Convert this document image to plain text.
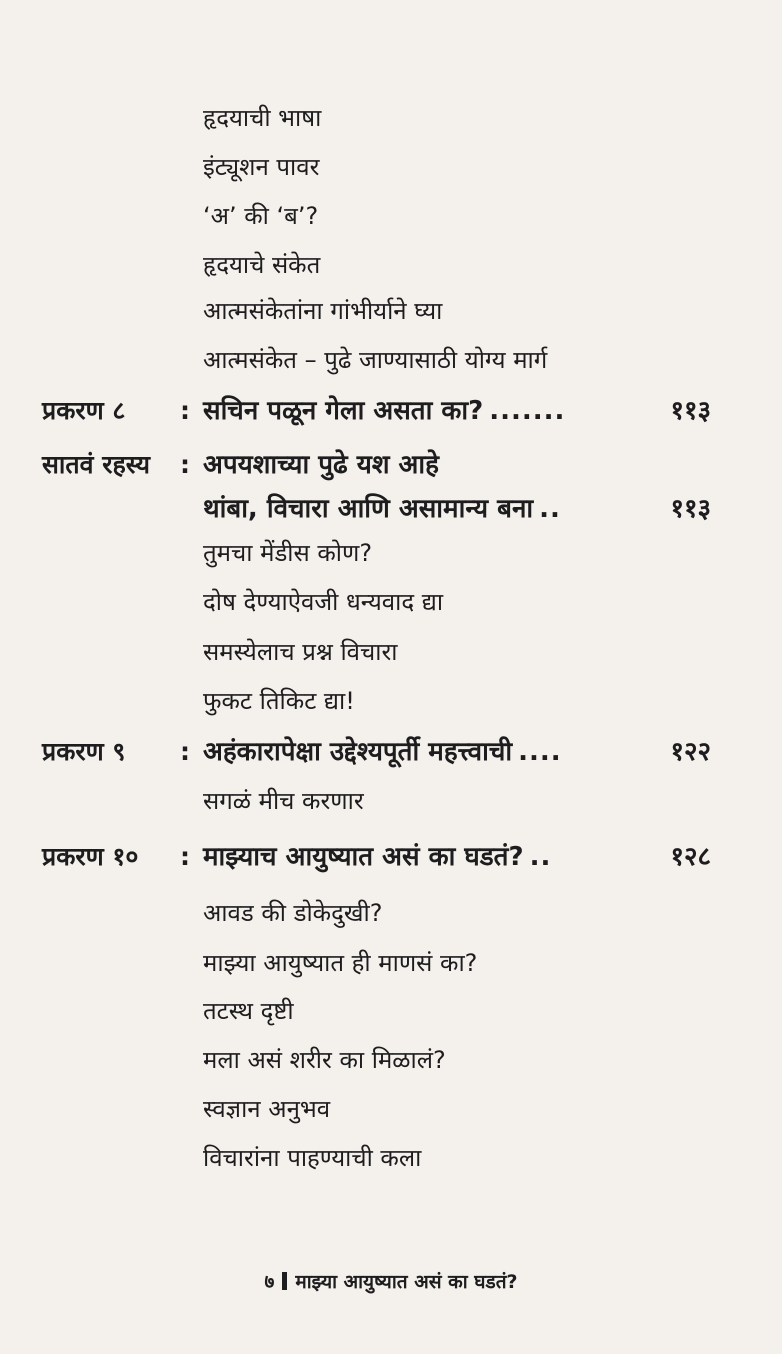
हृदयाची भाषा
इंट्यूशन पावर
‘अ’ की ‘ब’?
हृदयाचे संकेत
आत्मसंकेतांना गांभीर्याने घ्या
आत्मसंकेत – पुढे जाण्यासाठी योग्य मार्ग
प्रकरण ८ : सचिन पळून गेला असता का? .......	११३
सातवं रहस्य : अपयशाच्या पुढे यश आहे
थांबा, विचारा आणि असामान्य बना ..	११३
तुमचा मेंडीस कोण?
दोष देण्याऐवजी धन्यवाद द्या
समस्येलाच प्रश्न विचारा
फुकट तिकिट द्या!
प्रकरण ९ : अहंकारापेक्षा उद्देश्यपूर्ती महत्त्वाची ....	१२२
सगळं मीच करणार
प्रकरण १० : माझ्याच आयुष्यात असं का घडतं? ..	१२८
आवड की डोकेदुखी?
माझ्या आयुष्यात ही माणसं का?
तटस्थ दृष्टी
मला असं शरीर का मिळालं?
स्वज्ञान अनुभव
विचारांना पाहण्याची कला
७ माझ्या आयुष्यात असं का घडतं?
